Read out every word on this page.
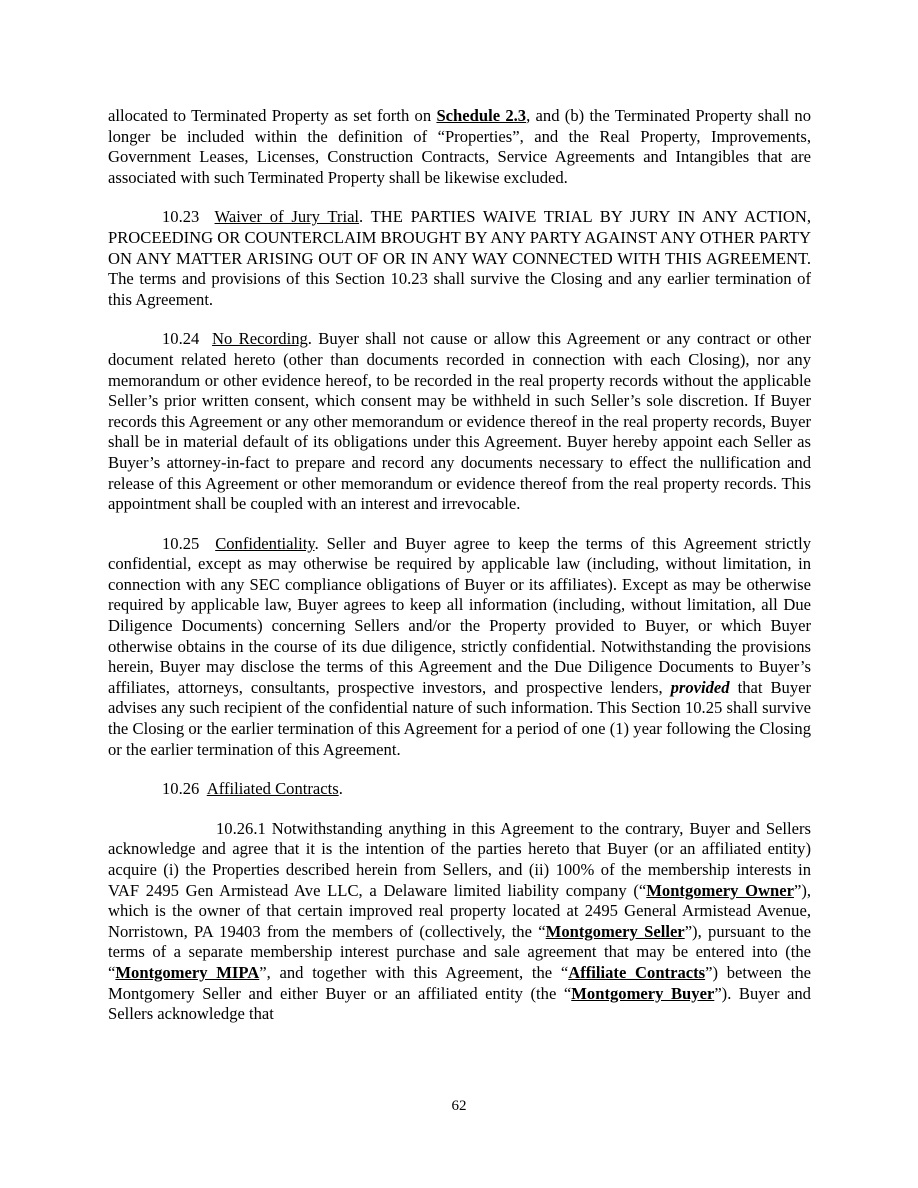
allocated to Terminated Property as set forth on Schedule 2.3, and (b) the Terminated Property shall no longer be included within the definition of “Properties”, and the Real Property, Improvements, Government Leases, Licenses, Construction Contracts, Service Agreements and Intangibles that are associated with such Terminated Property shall be likewise excluded.

10.23 Waiver of Jury Trial. THE PARTIES WAIVE TRIAL BY JURY IN ANY ACTION, PROCEEDING OR COUNTERCLAIM BROUGHT BY ANY PARTY AGAINST ANY OTHER PARTY ON ANY MATTER ARISING OUT OF OR IN ANY WAY CONNECTED WITH THIS AGREEMENT. The terms and provisions of this Section 10.23 shall survive the Closing and any earlier termination of this Agreement.

10.24 No Recording. Buyer shall not cause or allow this Agreement or any contract or other document related hereto (other than documents recorded in connection with each Closing), nor any memorandum or other evidence hereof, to be recorded in the real property records without the applicable Seller’s prior written consent, which consent may be withheld in such Seller’s sole discretion. If Buyer records this Agreement or any other memorandum or evidence thereof in the real property records, Buyer shall be in material default of its obligations under this Agreement. Buyer hereby appoint each Seller as Buyer’s attorney-in-fact to prepare and record any documents necessary to effect the nullification and release of this Agreement or other memorandum or evidence thereof from the real property records. This appointment shall be coupled with an interest and irrevocable.

10.25 Confidentiality. Seller and Buyer agree to keep the terms of this Agreement strictly confidential, except as may otherwise be required by applicable law (including, without limitation, in connection with any SEC compliance obligations of Buyer or its affiliates). Except as may be otherwise required by applicable law, Buyer agrees to keep all information (including, without limitation, all Due Diligence Documents) concerning Sellers and/or the Property provided to Buyer, or which Buyer otherwise obtains in the course of its due diligence, strictly confidential. Notwithstanding the provisions herein, Buyer may disclose the terms of this Agreement and the Due Diligence Documents to Buyer’s affiliates, attorneys, consultants, prospective investors, and prospective lenders, provided that Buyer advises any such recipient of the confidential nature of such information. This Section 10.25 shall survive the Closing or the earlier termination of this Agreement for a period of one (1) year following the Closing or the earlier termination of this Agreement.

10.26 Affiliated Contracts.

10.26.1 Notwithstanding anything in this Agreement to the contrary, Buyer and Sellers acknowledge and agree that it is the intention of the parties hereto that Buyer (or an affiliated entity) acquire (i) the Properties described herein from Sellers, and (ii) 100% of the membership interests in VAF 2495 Gen Armistead Ave LLC, a Delaware limited liability company (“Montgomery Owner”), which is the owner of that certain improved real property located at 2495 General Armistead Avenue, Norristown, PA 19403 from the members of (collectively, the “Montgomery Seller”), pursuant to the terms of a separate membership interest purchase and sale agreement that may be entered into (the “Montgomery MIPA”, and together with this Agreement, the “Affiliate Contracts”) between the Montgomery Seller and either Buyer or an affiliated entity (the “Montgomery Buyer”). Buyer and Sellers acknowledge that

62
